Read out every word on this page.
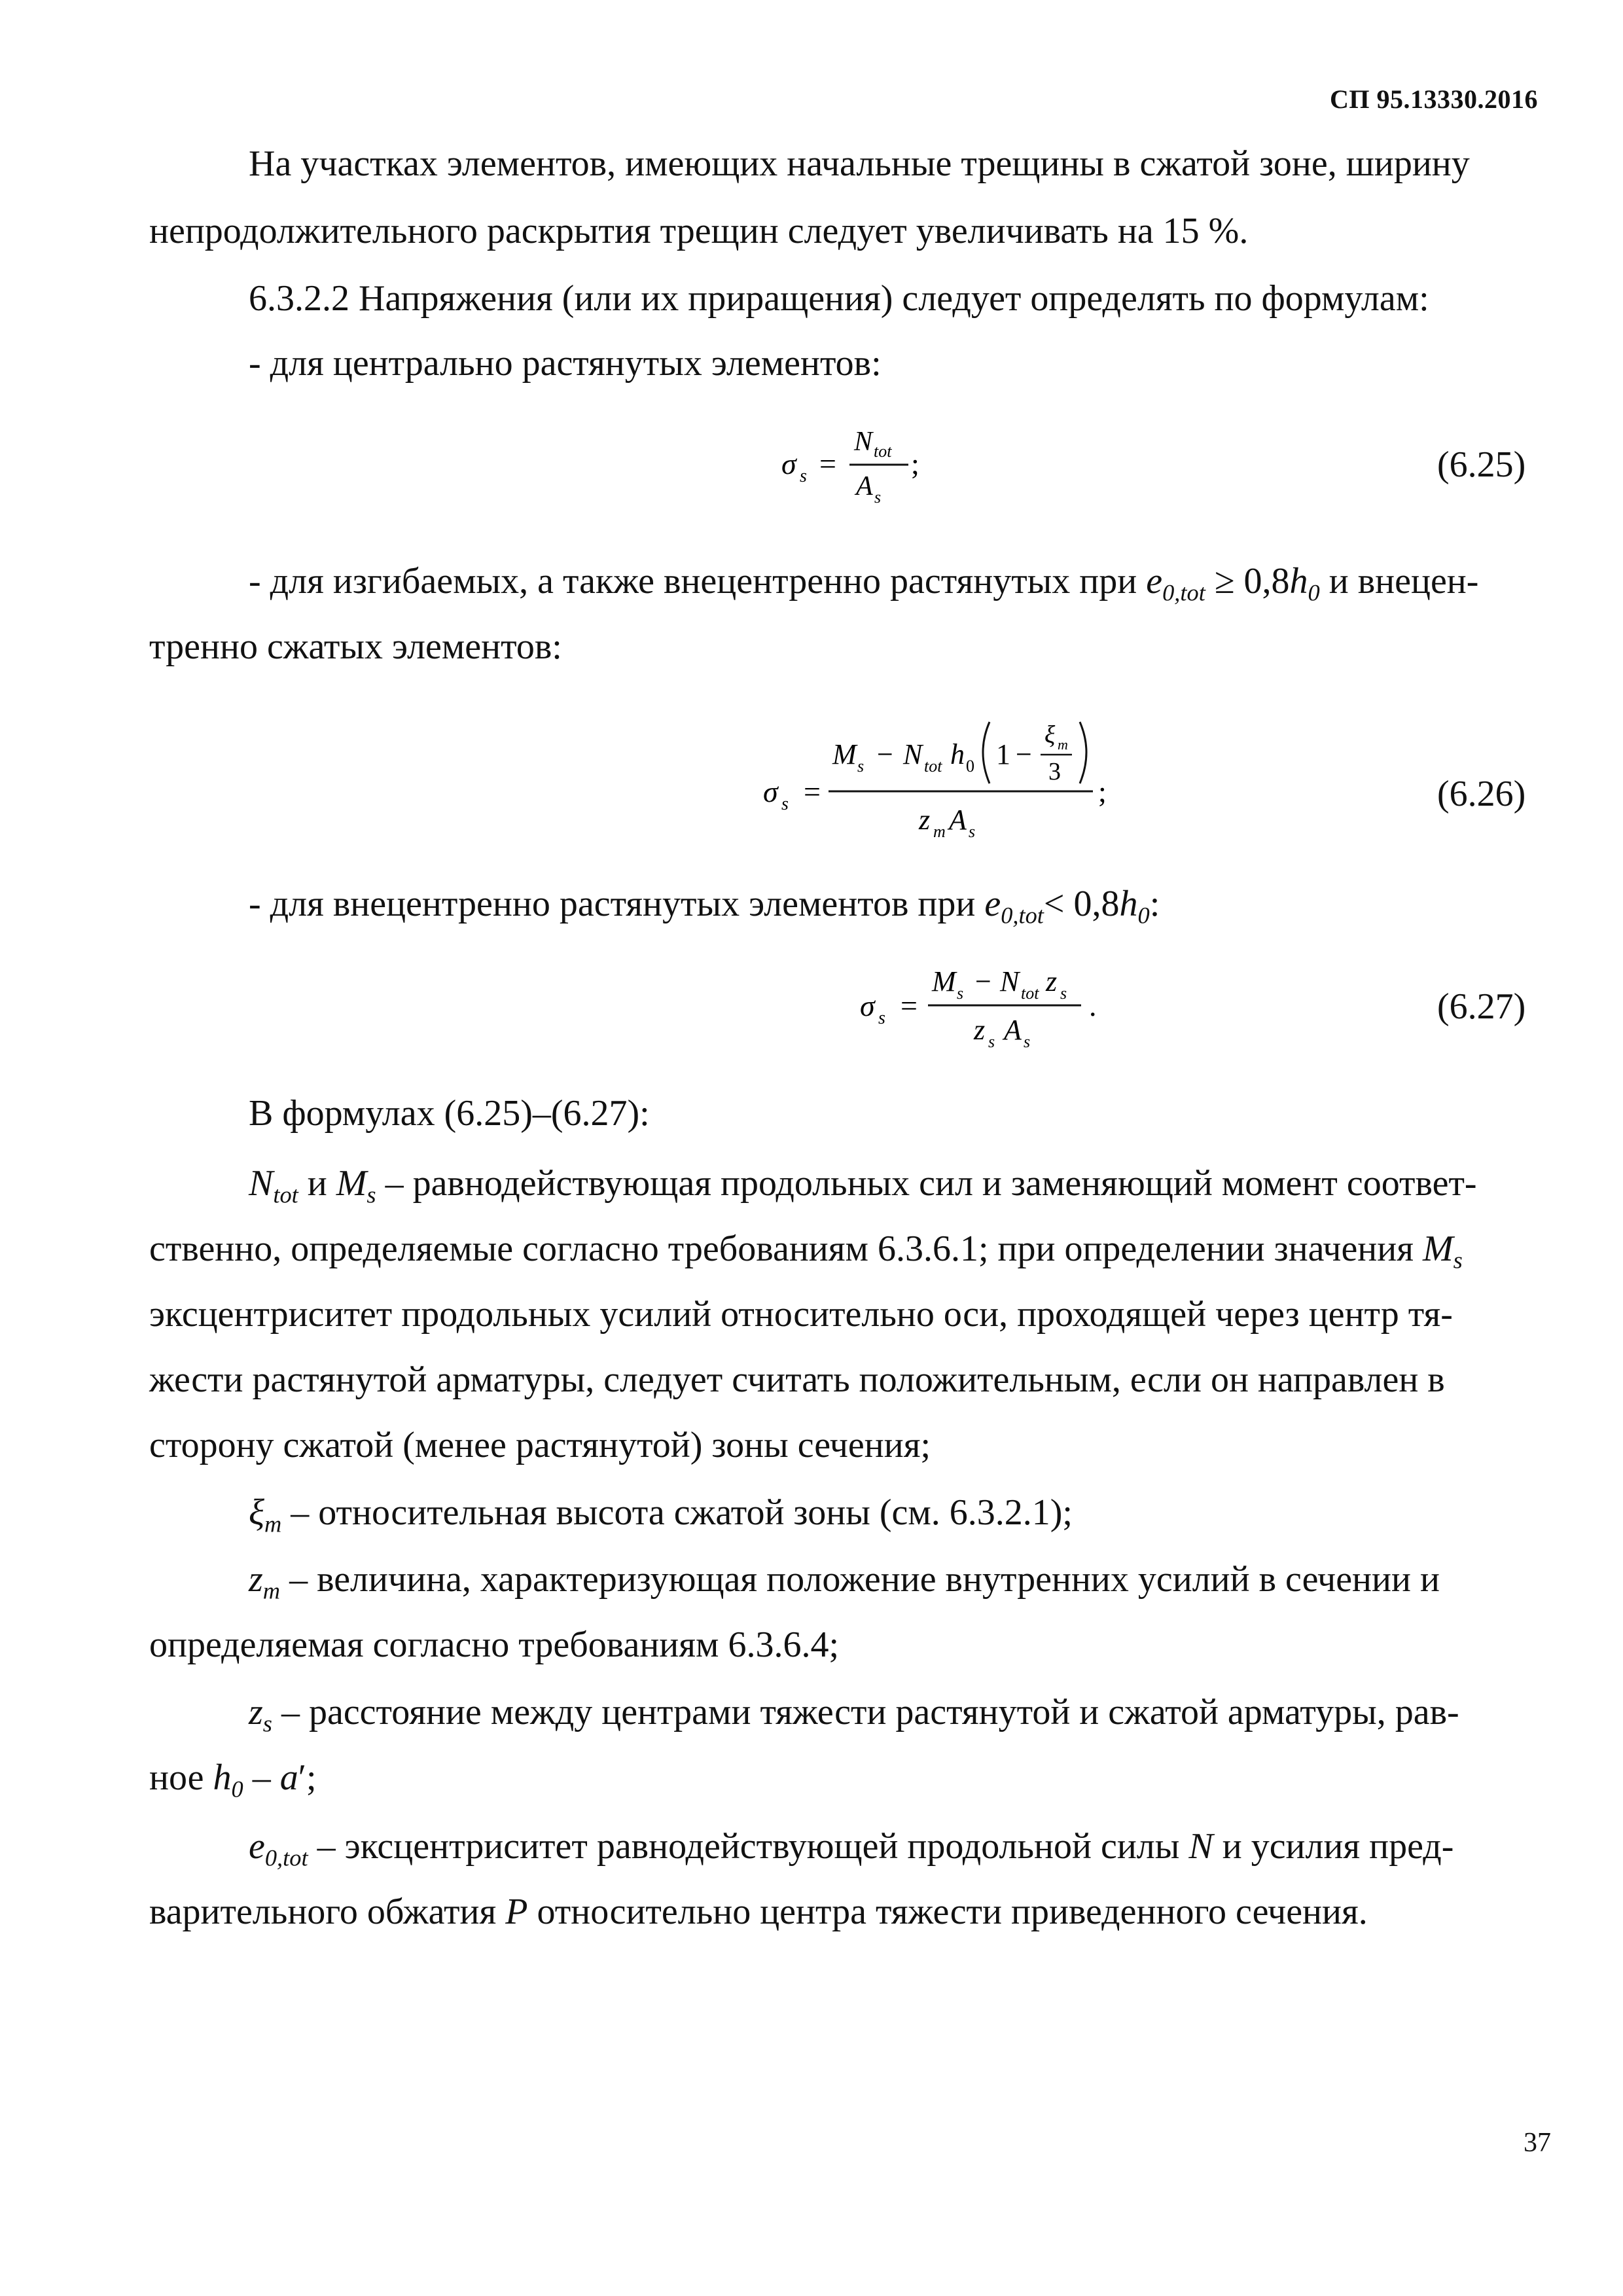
СП 95.13330.2016
На участках элементов, имеющих начальные трещины в сжатой зоне, ширину
непродолжительного раскрытия трещин следует увеличивать на 15 %.
6.3.2.2 Напряжения (или их приращения) следует определять по формулам:
- для центрально растянутых элементов:
σ s =
N tot
A s
;	(6.25)
- для изгибаемых, а также внецентренно растянутых при $e_{0,tot} \ge 0,8h_0$ и внецен-
тренно сжатых элементов:
σ s =
M s − N tot h 0 1 −
ξ m
3
z m A s
;	(6.26)
- для внецентренно растянутых элементов при $e_{0,tot}< 0,8h_0$:
σ s =
M s − N tot z s
z s A s
.	(6.27)
В формулах (6.25)–(6.27):
$N_{tot}$ и $M_s$ – равнодействующая продольных сил и заменяющий момент соответ-
ственно, определяемые согласно требованиям 6.3.6.1; при определении значения $M_s$
эксцентриситет продольных усилий относительно оси, проходящей через центр тя-
жести растянутой арматуры, следует считать положительным, если он направлен в
сторону сжатой (менее растянутой) зоны сечения;
$\xi_m$ – относительная высота сжатой зоны (см. 6.3.2.1);
$z_m$ – величина, характеризующая положение внутренних усилий в сечении и
определяемая согласно требованиям 6.3.6.4;
$z_s$ – расстояние между центрами тяжести растянутой и сжатой арматуры, рав-
ное $h_0 - a'$;
$e_{0,tot}$ – эксцентриситет равнодействующей продольной силы N и усилия пред-
варительного обжатия P относительно центра тяжести приведенного сечения.
37
